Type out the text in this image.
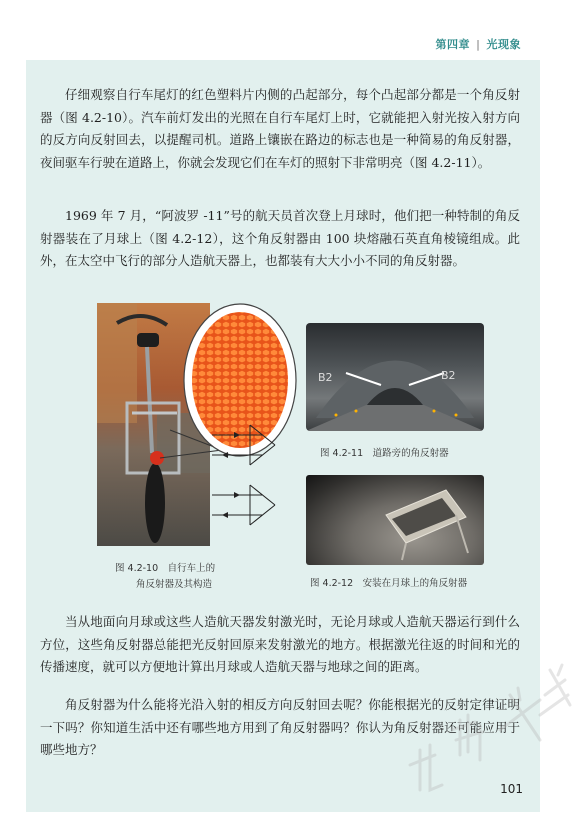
第四章 | 光现象

仔细观察自行车尾灯的红色塑料片内侧的凸起部分，每个凸起部分都是一个角反射器（图 4.2-10）。汽车前灯发出的光照在自行车尾灯上时，它就能把入射光按入射方向的反方向反射回去，以提醒司机。道路上镶嵌在路边的标志也是一种简易的角反射器，夜间驱车行驶在道路上，你就会发现它们在车灯的照射下非常明亮（图 4.2-11）。

1969 年 7 月，“阿波罗 -11”号的航天员首次登上月球时，他们把一种特制的角反射器装在了月球上（图 4.2-12），这个角反射器由 100 块熔融石英直角棱镜组成。此外，在太空中飞行的部分人造航天器上，也都装有大大小小不同的角反射器。

B2	B2
图 4.2-10　自行车上的
角反射器及其构造
图 4.2-11　道路旁的角反射器
图 4.2-12　安装在月球上的角反射器

当从地面向月球或这些人造航天器发射激光时，无论月球或人造航天器运行到什么方位，这些角反射器总能把光反射回原来发射激光的地方。根据激光往返的时间和光的传播速度，就可以方便地计算出月球或人造航天器与地球之间的距离。

角反射器为什么能将光沿入射的相反方向反射回去呢？你能根据光的反射定律证明一下吗？你知道生活中还有哪些地方用到了角反射器吗？你认为角反射器还可能应用于哪些地方？

101
